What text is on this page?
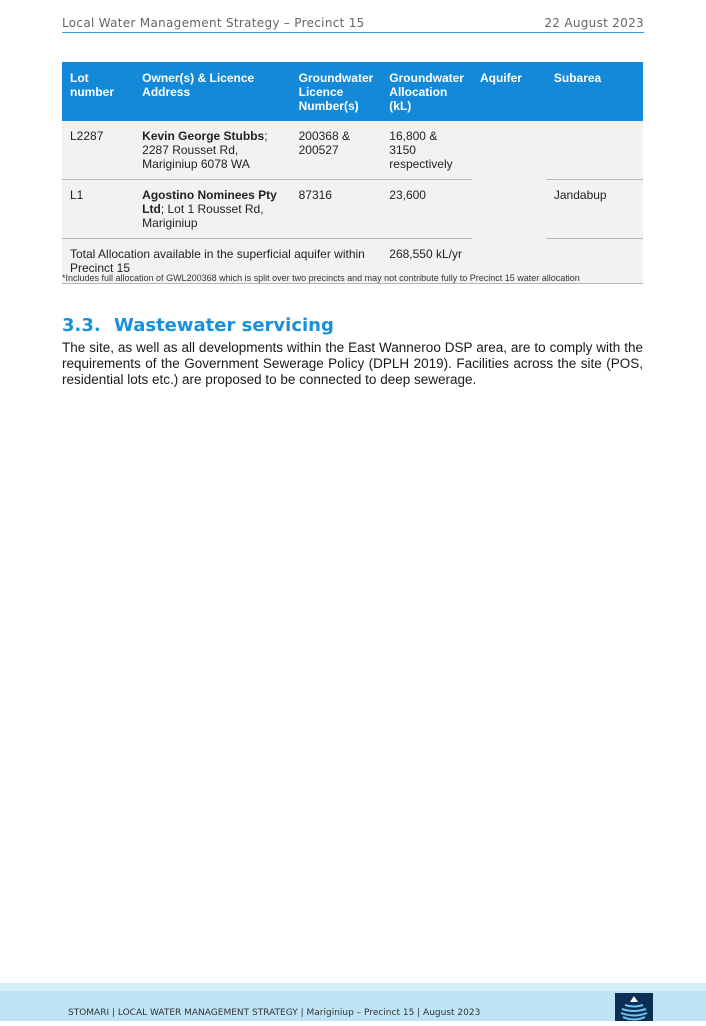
Local Water Management Strategy – Precinct 15	22 August 2023
Lot number	Owner(s) & Licence Address	Groundwater Licence Number(s)	Groundwater Allocation (kL)	Aquifer	Subarea
L2287	Kevin George Stubbs; 2287 Rousset Rd, Mariginiup 6078 WA	200368 & 200527	16,800 & 3150 respectively		
L1	Agostino Nominees Pty Ltd; Lot 1 Rousset Rd, Mariginiup	87316	23,600		Jandabup
Total Allocation available in the superficial aquifer within Precinct 15			268,550 kL/yr		
*Includes full allocation of GWL200368 which is split over two precincts and may not contribute fully to Precinct 15 water allocation
3.3. Wastewater servicing
The site, as well as all developments within the East Wanneroo DSP area, are to comply with the requirements of the Government Sewerage Policy (DPLH 2019). Facilities across the site (POS, residential lots etc.) are proposed to be connected to deep sewerage.
STOMARI | LOCAL WATER MANAGEMENT STRATEGY | Mariginiup – Precinct 15 | August 2023
